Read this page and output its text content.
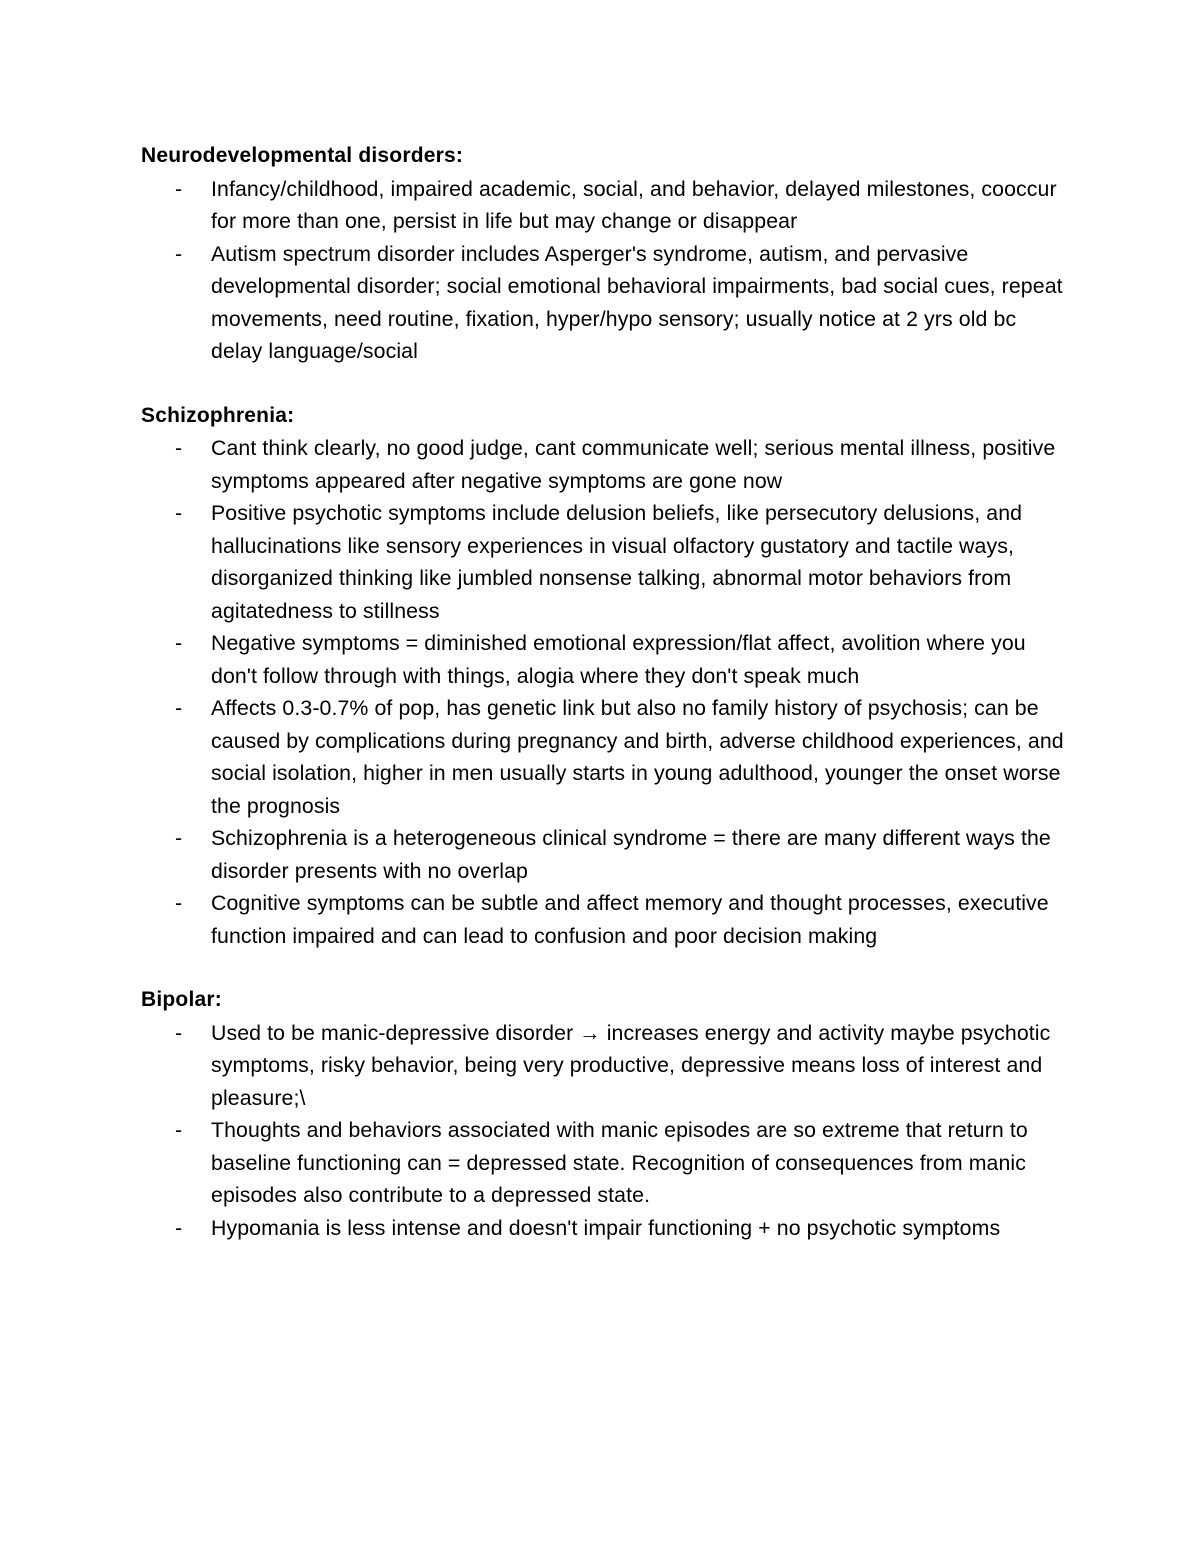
Neurodevelopmental disorders:

- Infancy/childhood, impaired academic, social, and behavior, delayed milestones, cooccur for more than one, persist in life but may change or disappear
- Autism spectrum disorder includes Asperger's syndrome, autism, and pervasive developmental disorder; social emotional behavioral impairments, bad social cues, repeat movements, need routine, fixation, hyper/hypo sensory; usually notice at 2 yrs old bc delay language/social

Schizophrenia:

- Cant think clearly, no good judge, cant communicate well; serious mental illness, positive symptoms appeared after negative symptoms are gone now
- Positive psychotic symptoms include delusion beliefs, like persecutory delusions, and hallucinations like sensory experiences in visual olfactory gustatory and tactile ways, disorganized thinking like jumbled nonsense talking, abnormal motor behaviors from agitatedness to stillness
- Negative symptoms = diminished emotional expression/flat affect, avolition where you don't follow through with things, alogia where they don't speak much
- Affects 0.3-0.7% of pop, has genetic link but also no family history of psychosis; can be caused by complications during pregnancy and birth, adverse childhood experiences, and social isolation, higher in men usually starts in young adulthood, younger the onset worse the prognosis
- Schizophrenia is a heterogeneous clinical syndrome = there are many different ways the disorder presents with no overlap
- Cognitive symptoms can be subtle and affect memory and thought processes, executive function impaired and can lead to confusion and poor decision making

Bipolar:

- Used to be manic-depressive disorder → increases energy and activity maybe psychotic symptoms, risky behavior, being very productive, depressive means loss of interest and pleasure;\
- Thoughts and behaviors associated with manic episodes are so extreme that return to baseline functioning can = depressed state. Recognition of consequences from manic episodes also contribute to a depressed state.
- Hypomania is less intense and doesn't impair functioning + no psychotic symptoms
